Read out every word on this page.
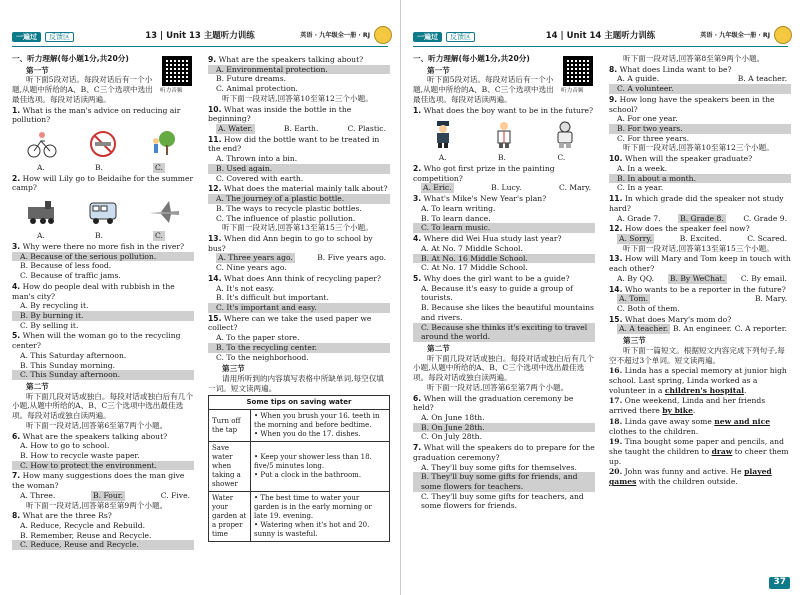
一遍过	反馈区	13 | Unit 13 主题听力训练	英语 · 九年级全一册 · RJ
一、听力理解(每小题1分,共20分)
听力音频
第一节
听下面5段对话。每段对话后有一个小题,从题中所给的A、B、C三个选项中选出最佳选项。每段对话读两遍。
1. What is the man's advice on reducing air pollution?
A.	B.	C.
2. How will Lily go to Beidaihe for the summer camp?
A.	B.	C.
3. Why were there no more fish in the river?
A. Because of the serious pollution.
B. Because of less food.
C. Because of traffic jams.
4. How do people deal with rubbish in the man's city?
A. By recycling it.
B. By burning it.
C. By selling it.
5. When will the woman go to the recycling center?
A. This Saturday afternoon.
B. This Sunday morning.
C. This Sunday afternoon.
第二节
听下面几段对话或独白。每段对话或独白后有几个小题,从题中所给的A、B、C三个选项中选出最佳选项。每段对话或独白读两遍。
听下面一段对话,回答第6至第7两个小题。
6. What are the speakers talking about?
A. How to go to school.
B. How to recycle waste paper.
C. How to protect the environment.
7. How many suggestions does the man give the woman?
A. Three.	B. Four.	C. Five.
听下面一段对话,回答第8至第9两个小题。
8. What are the three Rs?
A. Reduce, Recycle and Rebuild.
B. Remember, Reuse and Recycle.
C. Reduce, Reuse and Recycle.
9. What are the speakers talking about?
A. Environmental protection.
B. Future dreams.
C. Animal protection.
听下面一段对话,回答第10至第12三个小题。
10. What was inside the bottle in the beginning?
A. Water.	B. Earth.	C. Plastic.
11. How did the bottle want to be treated in the end?
A. Thrown into a bin.
B. Used again.
C. Covered with earth.
12. What does the material mainly talk about?
A. The journey of a plastic bottle.
B. The ways to recycle plastic bottles.
C. The influence of plastic pollution.
听下面一段对话,回答第13至第15三个小题。
13. When did Ann begin to go to school by bus?
A. Three years ago.	B. Five years ago.
C. Nine years ago.
14. What does Ann think of recycling paper?
A. It's not easy.
B. It's difficult but important.
C. It's important and easy.
15. Where can we take the used paper we collect?
A. To the paper store.
B. To the recycling center.
C. To the neighborhood.
第三节
请用所听到的内容填写表格中所缺单词,每空仅填一词。短文读两遍。
Some tips on saving water	
Turn off the tap	• When you brush your 16. teeth in the morning and before bedtime.
• When you do the 17. dishes.
Save water when taking a shower	• Keep your shower less than 18. five/5 minutes long.
• Put a clock in the bathroom.
Water your garden at a proper time	• The best time to water your garden is in the early morning or late 19. evening.
• Watering when it's hot and 20. sunny is wasteful.
一遍过	反馈区	14 | Unit 14 主题听力训练	英语 · 九年级全一册 · RJ
一、听力理解(每小题1分,共20分)
听力音频
第一节
听下面5段对话。每段对话后有一个小题,从题中所给的A、B、C三个选项中选出最佳选项。每段对话读两遍。
1. What does the boy want to be in the future?
A.	B.	C.
2. Who got first prize in the painting competition?
A. Eric.	B. Lucy.	C. Mary.
3. What's Mike's New Year's plan?
A. To learn writing.
B. To learn dance.
C. To learn music.
4. Where did Wei Hua study last year?
A. At No. 7 Middle School.
B. At No. 16 Middle School.
C. At No. 17 Middle School.
5. Why does the girl want to be a guide?
A. Because it's easy to guide a group of tourists.
B. Because she likes the beautiful mountains and rivers.
C. Because she thinks it's exciting to travel around the world.
第二节
听下面几段对话或独白。每段对话或独白后有几个小题,从题中所给的A、B、C三个选项中选出最佳选项。每段对话或独白读两遍。
听下面一段对话,回答第6至第7两个小题。
6. When will the graduation ceremony be held?
A. On June 18th.
B. On June 28th.
C. On July 28th.
7. What will the speakers do to prepare for the graduation ceremony?
A. They'll buy some gifts for themselves.
B. They'll buy some gifts for friends, and some flowers for teachers.
C. They'll buy some gifts for teachers, and some flowers for friends.
听下面一段对话,回答第8至第9两个小题。
8. What does Linda want to be?
A. A guide.	B. A teacher.
C. A volunteer.
9. How long have the speakers been in the school?
A. For one year.
B. For two years.
C. For three years.
听下面一段对话,回答第10至第12三个小题。
10. When will the speaker graduate?
A. In a week.
B. In about a month.
C. In a year.
11. In which grade did the speaker not study hard?
A. Grade 7.	B. Grade 8.	C. Grade 9.
12. How does the speaker feel now?
A. Sorry.	B. Excited.	C. Scared.
听下面一段对话,回答第13至第15三个小题。
13. How will Mary and Tom keep in touch with each other?
A. By QQ. B. By WeChat. C. By email.
14. Who wants to be a reporter in the future?
A. Tom.	B. Mary.
C. Both of them.
15. What does Mary's mom do?
A. A teacher. B. An engineer. C. A reporter.
第三节
听下面一篇短文。根据短文内容完成下列句子,每空不超过3个单词。短文读两遍。
16. Linda has a special memory at junior high school. Last spring, Linda worked as a volunteer in a children's hospital.
17. One weekend, Linda and her friends arrived there by bike.
18. Linda gave away some new and nice clothes to the children.
19. Tina bought some paper and pencils, and she taught the children to draw to cheer them up.
20. John was funny and active. He played games with the children outside.
37
